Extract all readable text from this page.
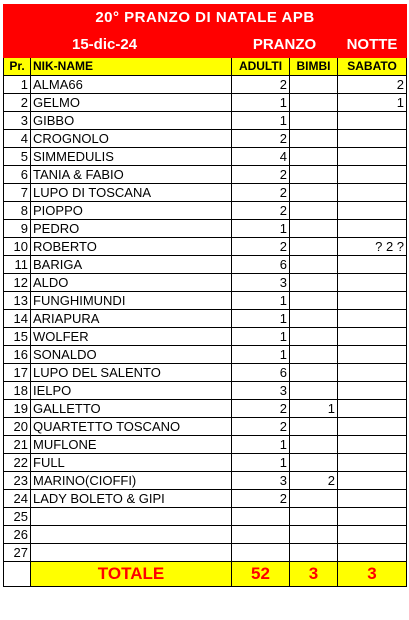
20° PRANZO DI NATALE APB				
15-dic-24		PRANZO		NOTTE
Pr.	NIK-NAME	ADULTI	BIMBI	SABATO
1	ALMA66	2		2
2	GELMO	1		1
3	GIBBO	1		
4	CROGNOLO	2		
5	SIMMEDULIS	4		
6	TANIA & FABIO	2		
7	LUPO DI TOSCANA	2		
8	PIOPPO	2		
9	PEDRO	1		
10	ROBERTO	2		? 2 ?
11	BARIGA	6		
12	ALDO	3		
13	FUNGHIMUNDI	1		
14	ARIAPURA	1		
15	WOLFER	1		
16	SONALDO	1		
17	LUPO DEL SALENTO	6		
18	IELPO	3		
19	GALLETTO	2	1	
20	QUARTETTO TOSCANO	2		
21	MUFLONE	1		
22	FULL	1		
23	MARINO(CIOFFI)	3	2	
24	LADY BOLETO & GIPI	2		
25				
26				
27				
	TOTALE	52	3	3
